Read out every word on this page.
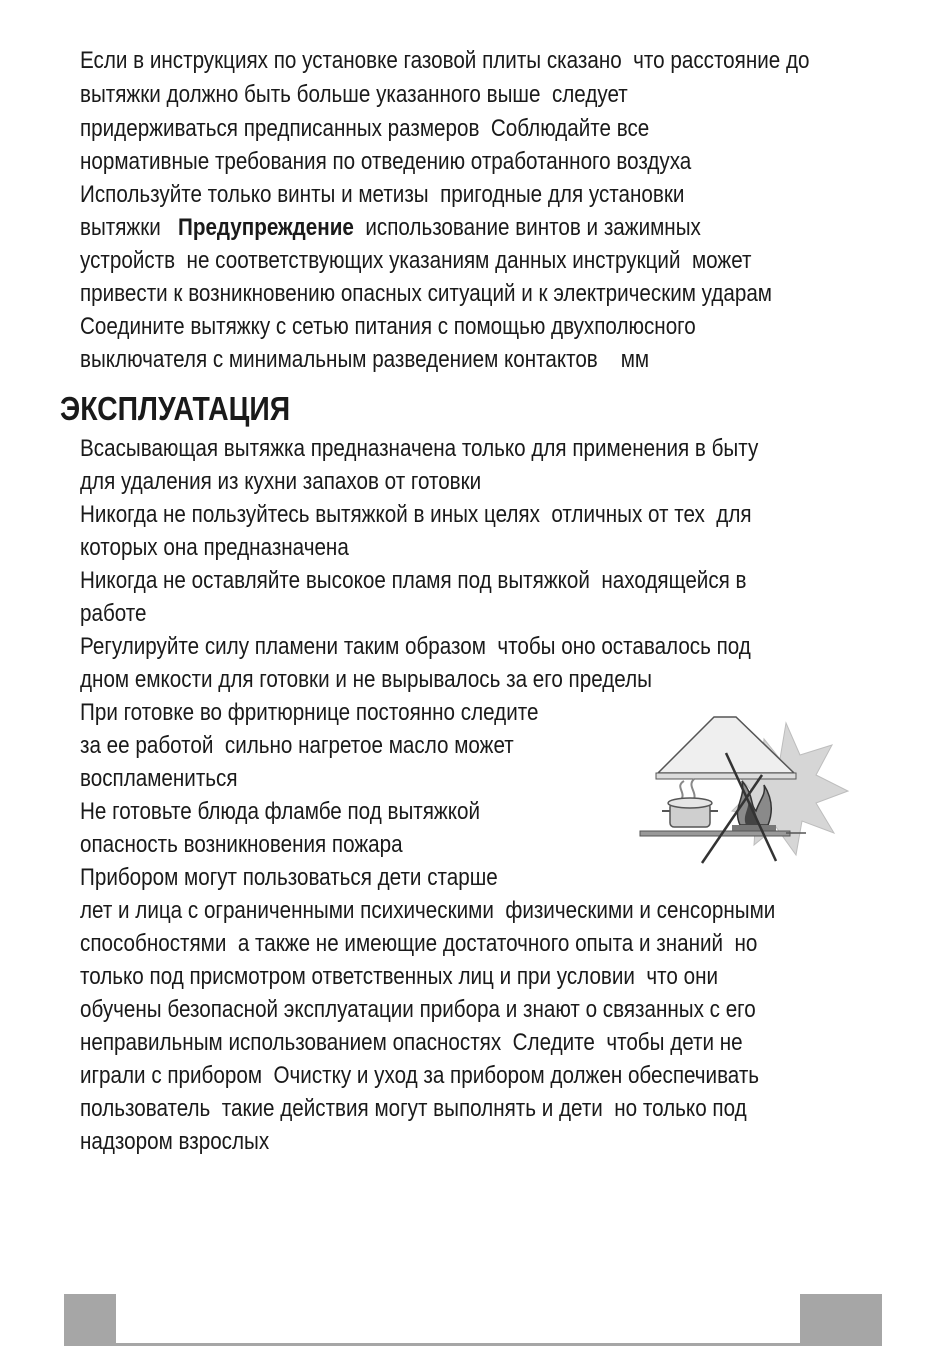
Если в инструкциях по установке газовой плиты сказано  что расстояние до
вытяжки должно быть больше указанного выше  следует
придерживаться предписанных размеров  Соблюдайте все
нормативные требования по отведению отработанного воздуха
Используйте только винты и метизы  пригодные для установки
вытяжки   Предупреждение  использование винтов и зажимных
устройств  не соответствующих указаниям данных инструкций  может
привести к возникновению опасных ситуаций и к электрическим ударам
Соедините вытяжку с сетью питания с помощью двухполюсного
выключателя с минимальным разведением контактов    мм
ЭКСПЛУАТАЦИЯ
Всасывающая вытяжка предназначена только для применения в быту
для удаления из кухни запахов от готовки
Никогда не пользуйтесь вытяжкой в иных целях  отличных от тех  для
которых она предназначена
Никогда не оставляйте высокое пламя под вытяжкой  находящейся в
работе
Регулируйте силу пламени таким образом  чтобы оно оставалось под
дном емкости для готовки и не вырывалось за его пределы
При готовке во фритюрнице постоянно следите
за ее работой  сильно нагретое масло может
воспламениться
Не готовьте блюда фламбе под вытяжкой
опасность возникновения пожара
Прибором могут пользоваться дети старше
лет и лица с ограниченными психическими  физическими и сенсорными
способностями  а также не имеющие достаточного опыта и знаний  но
только под присмотром ответственных лиц и при условии  что они
обучены безопасной эксплуатации прибора и знают о связанных с его
неправильным использованием опасностях  Следите  чтобы дети не
играли с прибором  Очистку и уход за прибором должен обеспечивать
пользователь  такие действия могут выполнять и дети  но только под
надзором взрослых
